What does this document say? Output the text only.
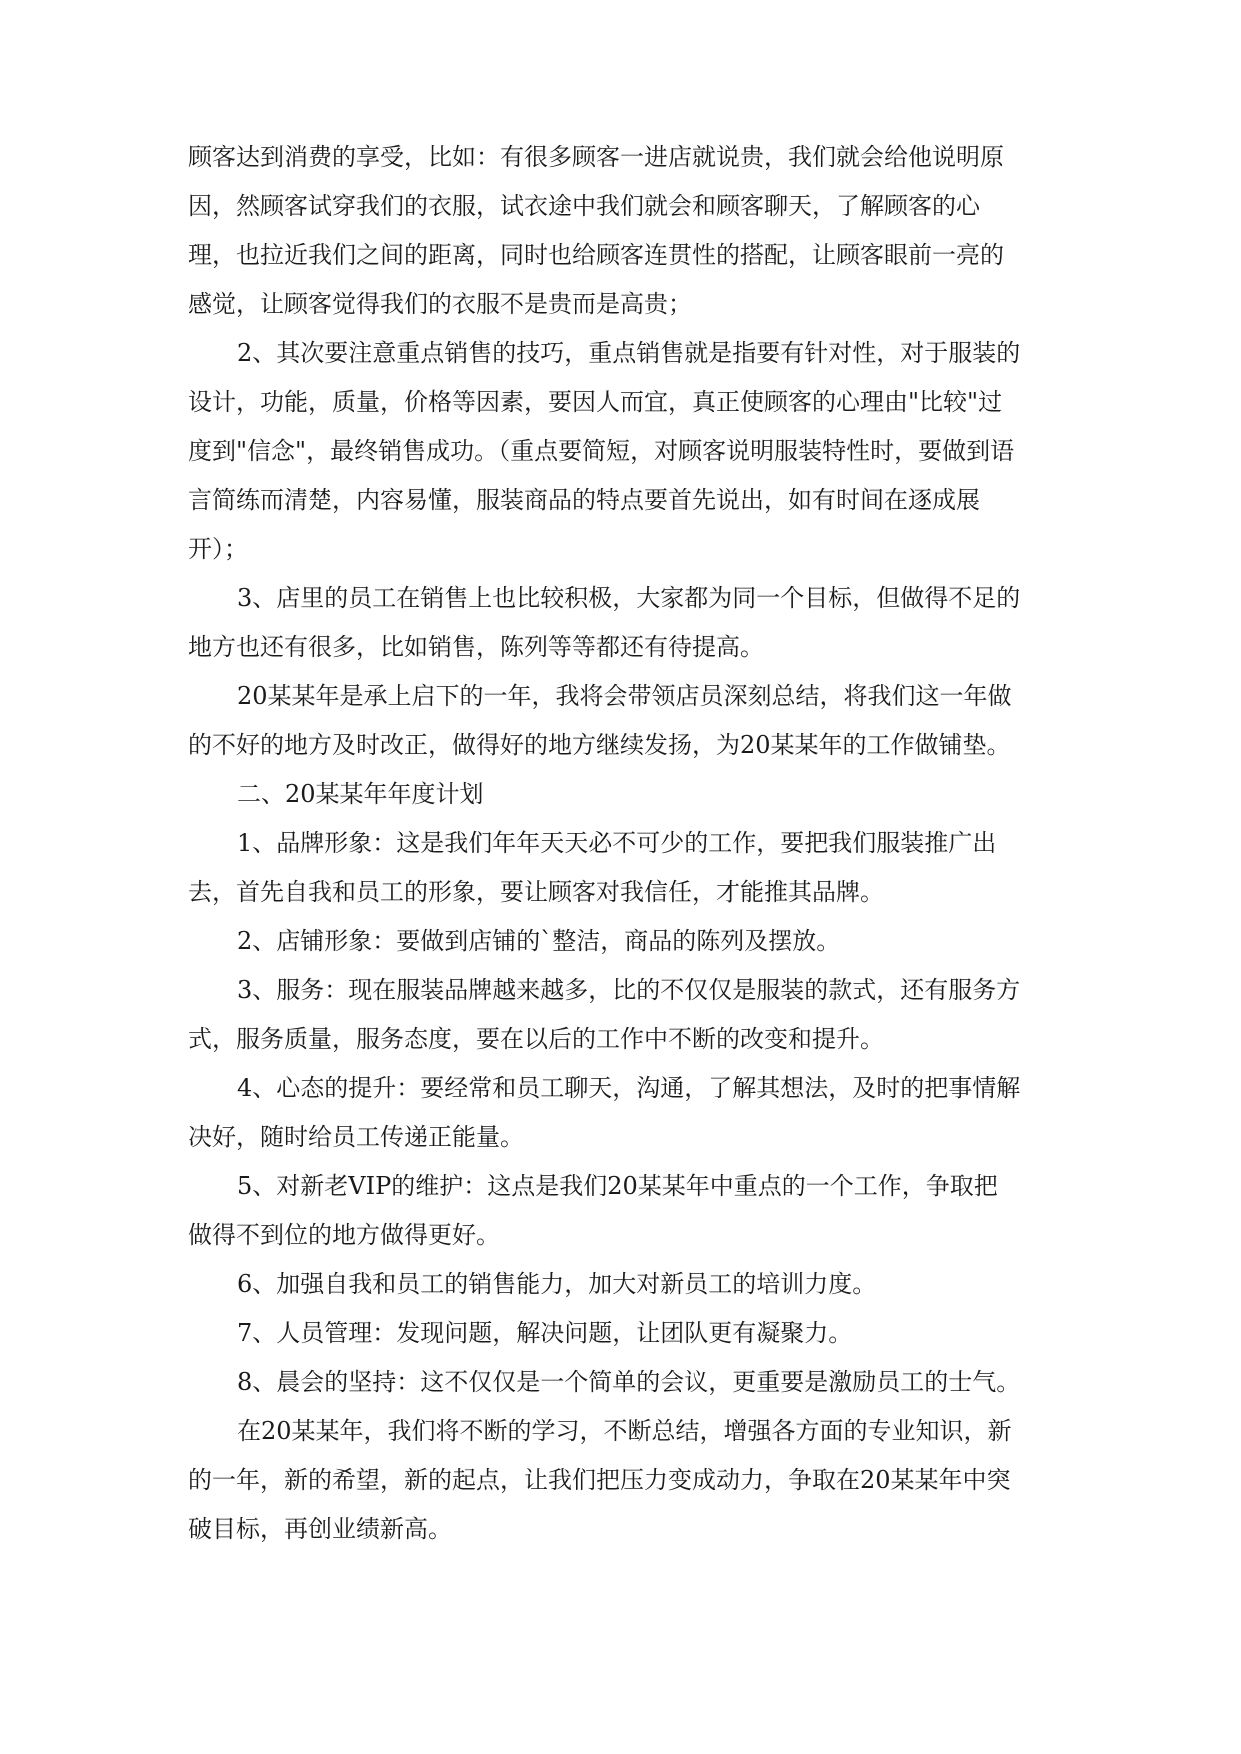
顾客达到消费的享受，比如：有很多顾客一进店就说贵，我们就会给他说明原
因，然顾客试穿我们的衣服，试衣途中我们就会和顾客聊天，了解顾客的心
理，也拉近我们之间的距离，同时也给顾客连贯性的搭配，让顾客眼前一亮的
感觉，让顾客觉得我们的衣服不是贵而是高贵；
2、其次要注意重点销售的技巧，重点销售就是指要有针对性，对于服装的
设计，功能，质量，价格等因素，要因人而宜，真正使顾客的心理由"比较"过
度到"信念"，最终销售成功。（重点要简短，对顾客说明服装特性时，要做到语
言简练而清楚，内容易懂，服装商品的特点要首先说出，如有时间在逐成展
开）；
3、店里的员工在销售上也比较积极，大家都为同一个目标，但做得不足的
地方也还有很多，比如销售，陈列等等都还有待提高。
20某某年是承上启下的一年，我将会带领店员深刻总结，将我们这一年做
的不好的地方及时改正，做得好的地方继续发扬，为20某某年的工作做铺垫。
二、20某某年年度计划
1、品牌形象：这是我们年年天天必不可少的工作，要把我们服装推广出
去，首先自我和员工的形象，要让顾客对我信任，才能推其品牌。
2、店铺形象：要做到店铺的`整洁，商品的陈列及摆放。
3、服务：现在服装品牌越来越多，比的不仅仅是服装的款式，还有服务方
式，服务质量，服务态度，要在以后的工作中不断的改变和提升。
4、心态的提升：要经常和员工聊天，沟通，了解其想法，及时的把事情解
决好，随时给员工传递正能量。
5、对新老VIP的维护：这点是我们20某某年中重点的一个工作，争取把
做得不到位的地方做得更好。
6、加强自我和员工的销售能力，加大对新员工的培训力度。
7、人员管理：发现问题，解决问题，让团队更有凝聚力。
8、晨会的坚持：这不仅仅是一个简单的会议，更重要是激励员工的士气。
在20某某年，我们将不断的学习，不断总结，增强各方面的专业知识，新
的一年，新的希望，新的起点，让我们把压力变成动力，争取在20某某年中突
破目标，再创业绩新高。
